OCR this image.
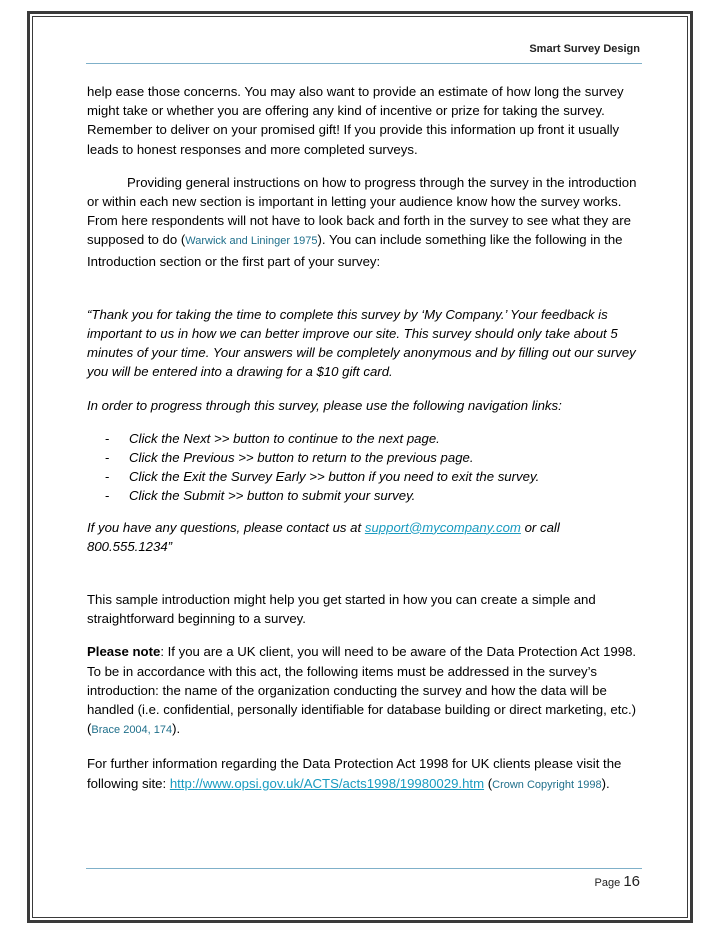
Smart Survey Design

help ease those concerns. You may also want to provide an estimate of how long the survey might take or whether you are offering any kind of incentive or prize for taking the survey. Remember to deliver on your promised gift! If you provide this information up front it usually leads to honest responses and more completed surveys.

Providing general instructions on how to progress through the survey in the introduction or within each new section is important in letting your audience know how the survey works. From here respondents will not have to look back and forth in the survey to see what they are supposed to do (Warwick and Lininger 1975). You can include something like the following in the Introduction section or the first part of your survey:

“Thank you for taking the time to complete this survey by ‘My Company.’ Your feedback is important to us in how we can better improve our site. This survey should only take about 5 minutes of your time. Your answers will be completely anonymous and by filling out our survey you will be entered into a drawing for a $10 gift card.

In order to progress through this survey, please use the following navigation links:

- Click the Next >> button to continue to the next page.
- Click the Previous >> button to return to the previous page.
- Click the Exit the Survey Early >> button if you need to exit the survey.
- Click the Submit >> button to submit your survey.

If you have any questions, please contact us at support@mycompany.com or call 800.555.1234”

This sample introduction might help you get started in how you can create a simple and straightforward beginning to a survey.

Please note: If you are a UK client, you will need to be aware of the Data Protection Act 1998. To be in accordance with this act, the following items must be addressed in the survey’s introduction: the name of the organization conducting the survey and how the data will be handled (i.e. confidential, personally identifiable for database building or direct marketing, etc.) (Brace 2004, 174).

For further information regarding the Data Protection Act 1998 for UK clients please visit the following site: http://www.opsi.gov.uk/ACTS/acts1998/19980029.htm (Crown Copyright 1998).

Page 16
